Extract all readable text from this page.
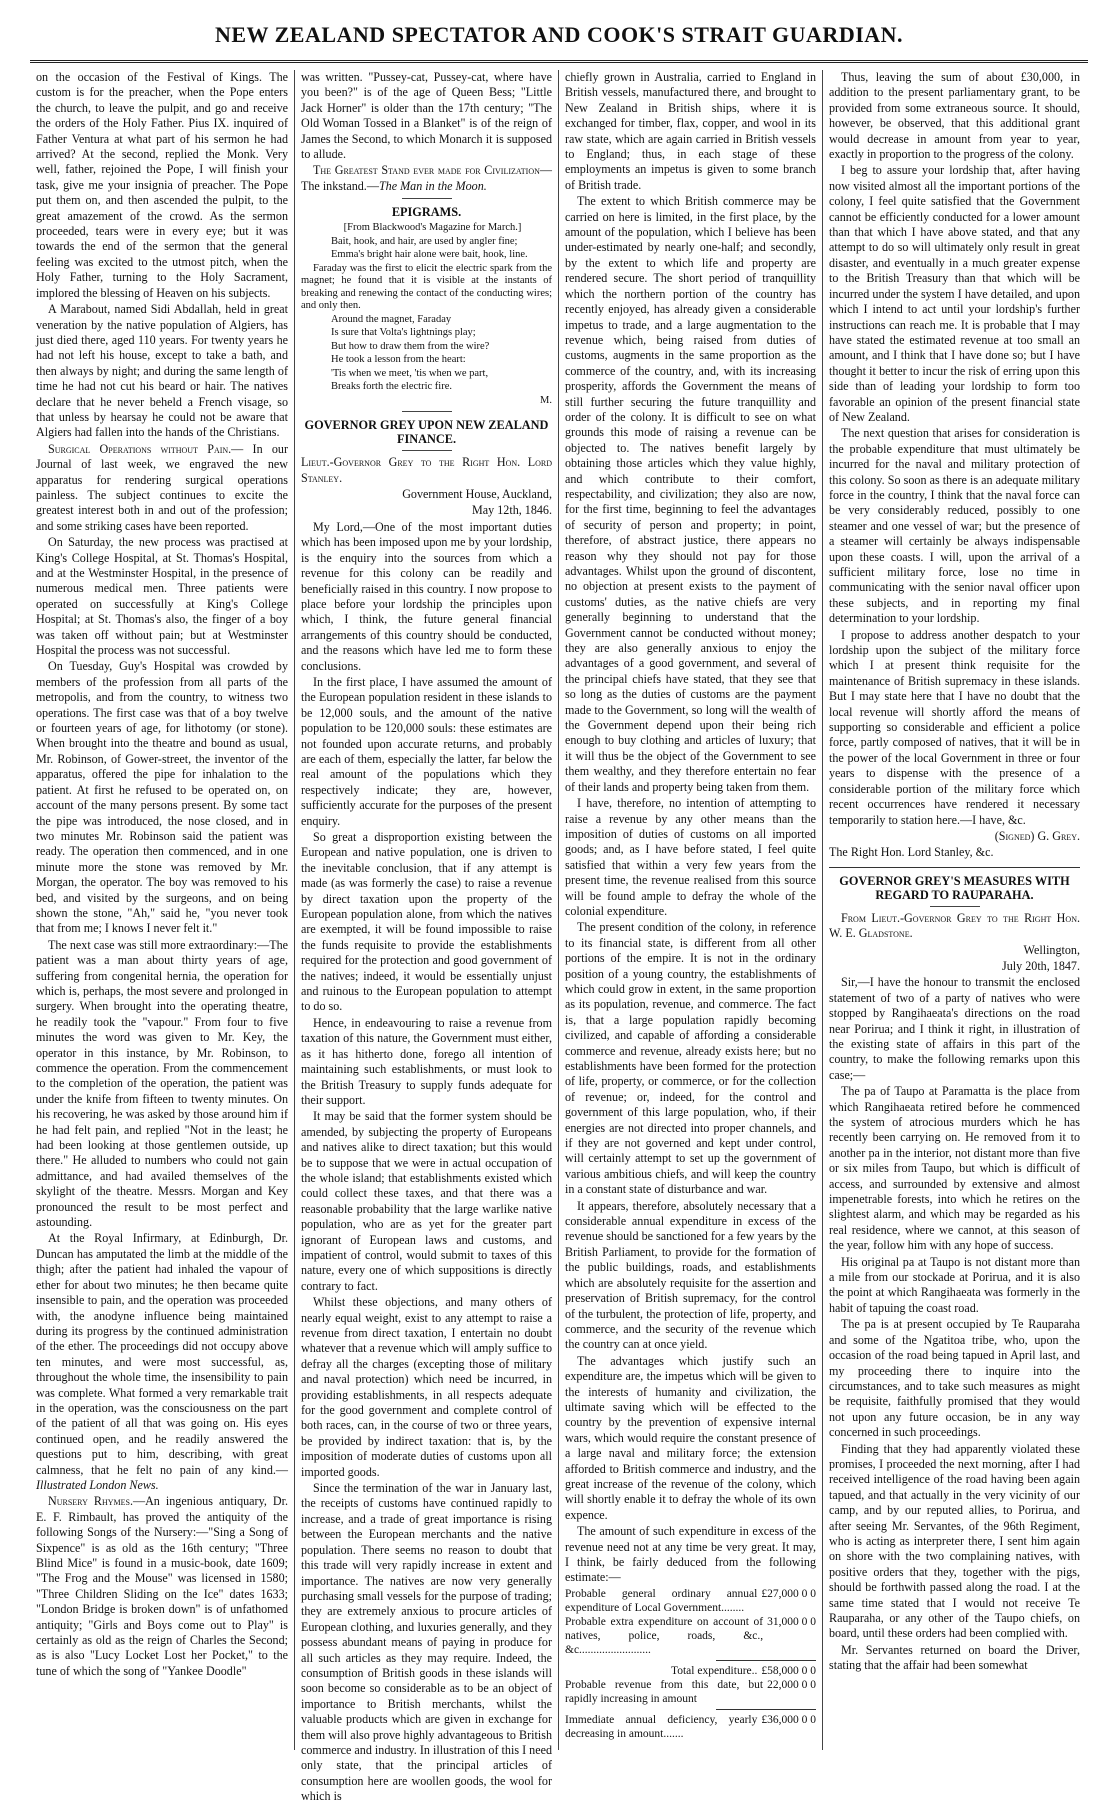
NEW ZEALAND SPECTATOR AND COOK'S STRAIT GUARDIAN.

on the occasion of the Festival of Kings. The custom is for the preacher, when the Pope enters the church, to leave the pulpit, and go and receive the orders of the Holy Father. Pius IX. inquired of Father Ventura at what part of his sermon he had arrived? At the second, replied the Monk. Very well, father, rejoined the Pope, I will finish your task, give me your insignia of preacher. The Pope put them on, and then ascended the pulpit, to the great amazement of the crowd. As the sermon proceeded, tears were in every eye; but it was towards the end of the sermon that the general feeling was excited to the utmost pitch, when the Holy Father, turning to the Holy Sacrament, implored the blessing of Heaven on his subjects.

A Marabout, named Sidi Abdallah, held in great veneration by the native population of Algiers, has just died there, aged 110 years. For twenty years he had not left his house, except to take a bath, and then always by night; and during the same length of time he had not cut his beard or hair. The natives declare that he never beheld a French visage, so that unless by hearsay he could not be aware that Algiers had fallen into the hands of the Christians.

Surgical Operations without Pain.— In our Journal of last week, we engraved the new apparatus for rendering surgical operations painless. The subject continues to excite the greatest interest both in and out of the profession; and some striking cases have been reported.

On Saturday, the new process was practised at King's College Hospital, at St. Thomas's Hospital, and at the Westminster Hospital, in the presence of numerous medical men. Three patients were operated on successfully at King's College Hospital; at St. Thomas's also, the finger of a boy was taken off without pain; but at Westminster Hospital the process was not successful.

On Tuesday, Guy's Hospital was crowded by members of the profession from all parts of the metropolis, and from the country, to witness two operations. The first case was that of a boy twelve or fourteen years of age, for lithotomy (or stone). When brought into the theatre and bound as usual, Mr. Robinson, of Gower-street, the inventor of the apparatus, offered the pipe for inhalation to the patient. At first he refused to be operated on, on account of the many persons present. By some tact the pipe was introduced, the nose closed, and in two minutes Mr. Robinson said the patient was ready. The operation then commenced, and in one minute more the stone was removed by Mr. Morgan, the operator. The boy was removed to his bed, and visited by the surgeons, and on being shown the stone, "Ah," said he, "you never took that from me; I knows I never felt it."

The next case was still more extraordinary:—The patient was a man about thirty years of age, suffering from congenital hernia, the operation for which is, perhaps, the most severe and prolonged in surgery. When brought into the operating theatre, he readily took the "vapour." From four to five minutes the word was given to Mr. Key, the operator in this instance, by Mr. Robinson, to commence the operation. From the commencement to the completion of the operation, the patient was under the knife from fifteen to twenty minutes. On his recovering, he was asked by those around him if he had felt pain, and replied "Not in the least; he had been looking at those gentlemen outside, up there." He alluded to numbers who could not gain admittance, and had availed themselves of the skylight of the theatre. Messrs. Morgan and Key pronounced the result to be most perfect and astounding.

At the Royal Infirmary, at Edinburgh, Dr. Duncan has amputated the limb at the middle of the thigh; after the patient had inhaled the vapour of ether for about two minutes; he then became quite insensible to pain, and the operation was proceeded with, the anodyne influence being maintained during its progress by the continued administration of the ether. The proceedings did not occupy above ten minutes, and were most successful, as, throughout the whole time, the insensibility to pain was complete. What formed a very remarkable trait in the operation, was the consciousness on the part of the patient of all that was going on. His eyes continued open, and he readily answered the questions put to him, describing, with great calmness, that he felt no pain of any kind.—Illustrated London News.

Nursery Rhymes.—An ingenious antiquary, Dr. E. F. Rimbault, has proved the antiquity of the following Songs of the Nursery:—"Sing a Song of Sixpence" is as old as the 16th century; "Three Blind Mice" is found in a music-book, date 1609; "The Frog and the Mouse" was licensed in 1580; "Three Children Sliding on the Ice" dates 1633; "London Bridge is broken down" is of unfathomed antiquity; "Girls and Boys come out to Play" is certainly as old as the reign of Charles the Second; as is also "Lucy Locket Lost her Pocket," to the tune of which the song of "Yankee Doodle"

was written. "Pussey-cat, Pussey-cat, where have you been?" is of the age of Queen Bess; "Little Jack Horner" is older than the 17th century; "The Old Woman Tossed in a Blanket" is of the reign of James the Second, to which Monarch it is supposed to allude.

The Greatest Stand ever made for Civilization—The inkstand.—The Man in the Moon.

EPIGRAMS.

[From Blackwood's Magazine for March.]

Bait, hook, and hair, are used by angler fine;

Emma's bright hair alone were bait, hook, line.

Faraday was the first to elicit the electric spark from the magnet; he found that it is visible at the instants of breaking and renewing the contact of the conducting wires; and only then.

Around the magnet, Faraday

Is sure that Volta's lightnings play;

But how to draw them from the wire?

He took a lesson from the heart:

'Tis when we meet, 'tis when we part,

Breaks forth the electric fire.

M.

GOVERNOR GREY UPON NEW ZEALAND FINANCE.

Lieut.-Governor Grey to the Right Hon. Lord Stanley.

Government House, Auckland,

May 12th, 1846.

My Lord,—One of the most important duties which has been imposed upon me by your lordship, is the enquiry into the sources from which a revenue for this colony can be readily and beneficially raised in this country. I now propose to place before your lordship the principles upon which, I think, the future general financial arrangements of this country should be conducted, and the reasons which have led me to form these conclusions.

In the first place, I have assumed the amount of the European population resident in these islands to be 12,000 souls, and the amount of the native population to be 120,000 souls: these estimates are not founded upon accurate returns, and probably are each of them, especially the latter, far below the real amount of the populations which they respectively indicate; they are, however, sufficiently accurate for the purposes of the present enquiry.

So great a disproportion existing between the European and native population, one is driven to the inevitable conclusion, that if any attempt is made (as was formerly the case) to raise a revenue by direct taxation upon the property of the European population alone, from which the natives are exempted, it will be found impossible to raise the funds requisite to provide the establishments required for the protection and good government of the natives; indeed, it would be essentially unjust and ruinous to the European population to attempt to do so.

Hence, in endeavouring to raise a revenue from taxation of this nature, the Government must either, as it has hitherto done, forego all intention of maintaining such establishments, or must look to the British Treasury to supply funds adequate for their support.

It may be said that the former system should be amended, by subjecting the property of Europeans and natives alike to direct taxation; but this would be to suppose that we were in actual occupation of the whole island; that establishments existed which could collect these taxes, and that there was a reasonable probability that the large warlike native population, who are as yet for the greater part ignorant of European laws and customs, and impatient of control, would submit to taxes of this nature, every one of which suppositions is directly contrary to fact.

Whilst these objections, and many others of nearly equal weight, exist to any attempt to raise a revenue from direct taxation, I entertain no doubt whatever that a revenue which will amply suffice to defray all the charges (excepting those of military and naval protection) which need be incurred, in providing establishments, in all respects adequate for the good government and complete control of both races, can, in the course of two or three years, be provided by indirect taxation: that is, by the imposition of moderate duties of customs upon all imported goods.

Since the termination of the war in January last, the receipts of customs have continued rapidly to increase, and a trade of great importance is rising between the European merchants and the native population. There seems no reason to doubt that this trade will very rapidly increase in extent and importance. The natives are now very generally purchasing small vessels for the purpose of trading; they are extremely anxious to procure articles of European clothing, and luxuries generally, and they possess abundant means of paying in produce for all such articles as they may require. Indeed, the consumption of British goods in these islands will soon become so considerable as to be an object of importance to British merchants, whilst the valuable products which are given in exchange for them will also prove highly advantageous to British commerce and industry. In illustration of this I need only state, that the principal articles of consumption here are woollen goods, the wool for which is

chiefly grown in Australia, carried to England in British vessels, manufactured there, and brought to New Zealand in British ships, where it is exchanged for timber, flax, copper, and wool in its raw state, which are again carried in British vessels to England; thus, in each stage of these employments an impetus is given to some branch of British trade.

The extent to which British commerce may be carried on here is limited, in the first place, by the amount of the population, which I believe has been under-estimated by nearly one-half; and secondly, by the extent to which life and property are rendered secure. The short period of tranquillity which the northern portion of the country has recently enjoyed, has already given a considerable impetus to trade, and a large augmentation to the revenue which, being raised from duties of customs, augments in the same proportion as the commerce of the country, and, with its increasing prosperity, affords the Government the means of still further securing the future tranquillity and order of the colony. It is difficult to see on what grounds this mode of raising a revenue can be objected to. The natives benefit largely by obtaining those articles which they value highly, and which contribute to their comfort, respectability, and civilization; they also are now, for the first time, beginning to feel the advantages of security of person and property; in point, therefore, of abstract justice, there appears no reason why they should not pay for those advantages. Whilst upon the ground of discontent, no objection at present exists to the payment of customs' duties, as the native chiefs are very generally beginning to understand that the Government cannot be conducted without money; they are also generally anxious to enjoy the advantages of a good government, and several of the principal chiefs have stated, that they see that so long as the duties of customs are the payment made to the Government, so long will the wealth of the Government depend upon their being rich enough to buy clothing and articles of luxury; that it will thus be the object of the Government to see them wealthy, and they therefore entertain no fear of their lands and property being taken from them.

I have, therefore, no intention of attempting to raise a revenue by any other means than the imposition of duties of customs on all imported goods; and, as I have before stated, I feel quite satisfied that within a very few years from the present time, the revenue realised from this source will be found ample to defray the whole of the colonial expenditure.

The present condition of the colony, in reference to its financial state, is different from all other portions of the empire. It is not in the ordinary position of a young country, the establishments of which could grow in extent, in the same proportion as its population, revenue, and commerce. The fact is, that a large population rapidly becoming civilized, and capable of affording a considerable commerce and revenue, already exists here; but no establishments have been formed for the protection of life, property, or commerce, or for the collection of revenue; or, indeed, for the control and government of this large population, who, if their energies are not directed into proper channels, and if they are not governed and kept under control, will certainly attempt to set up the government of various ambitious chiefs, and will keep the country in a constant state of disturbance and war.

It appears, therefore, absolutely necessary that a considerable annual expenditure in excess of the revenue should be sanctioned for a few years by the British Parliament, to provide for the formation of the public buildings, roads, and establishments which are absolutely requisite for the assertion and preservation of British supremacy, for the control of the turbulent, the protection of life, property, and commerce, and the security of the revenue which the country can at once yield.

The advantages which justify such an expenditure are, the impetus which will be given to the interests of humanity and civilization, the ultimate saving which will be effected to the country by the prevention of expensive internal wars, which would require the constant presence of a large naval and military force; the extension afforded to British commerce and industry, and the great increase of the revenue of the colony, which will shortly enable it to defray the whole of its own expence.

The amount of such expenditure in excess of the revenue need not at any time be very great. It may, I think, be fairly deduced from the following estimate:—

Probable general ordinary annual expenditure of Local Government........
£27,000 0 0
Probable extra expenditure on account of natives, police, roads, &c., &c.........................
31,000 0 0
Total expenditure.. £58,000 0 0
Probable revenue from this date, but rapidly increasing in amount
22,000 0 0
Immediate annual deficiency, yearly decreasing in amount.......
£36,000 0 0

Thus, leaving the sum of about £30,000, in addition to the present parliamentary grant, to be provided from some extraneous source. It should, however, be observed, that this additional grant would decrease in amount from year to year, exactly in proportion to the progress of the colony.

I beg to assure your lordship that, after having now visited almost all the important portions of the colony, I feel quite satisfied that the Government cannot be efficiently conducted for a lower amount than that which I have above stated, and that any attempt to do so will ultimately only result in great disaster, and eventually in a much greater expense to the British Treasury than that which will be incurred under the system I have detailed, and upon which I intend to act until your lordship's further instructions can reach me. It is probable that I may have stated the estimated revenue at too small an amount, and I think that I have done so; but I have thought it better to incur the risk of erring upon this side than of leading your lordship to form too favorable an opinion of the present financial state of New Zealand.

The next question that arises for consideration is the probable expenditure that must ultimately be incurred for the naval and military protection of this colony. So soon as there is an adequate military force in the country, I think that the naval force can be very considerably reduced, possibly to one steamer and one vessel of war; but the presence of a steamer will certainly be always indispensable upon these coasts. I will, upon the arrival of a sufficient military force, lose no time in communicating with the senior naval officer upon these subjects, and in reporting my final determination to your lordship.

I propose to address another despatch to your lordship upon the subject of the military force which I at present think requisite for the maintenance of British supremacy in these islands. But I may state here that I have no doubt that the local revenue will shortly afford the means of supporting so considerable and efficient a police force, partly composed of natives, that it will be in the power of the local Government in three or four years to dispense with the presence of a considerable portion of the military force which recent occurrences have rendered it necessary temporarily to station here.—I have, &c.

(Signed) G. Grey.

The Right Hon. Lord Stanley, &c.

GOVERNOR GREY'S MEASURES WITH REGARD TO RAUPARAHA.

From Lieut.-Governor Grey to the Right Hon. W. E. Gladstone.

Wellington,

July 20th, 1847.

Sir,—I have the honour to transmit the enclosed statement of two of a party of natives who were stopped by Rangihaeata's directions on the road near Porirua; and I think it right, in illustration of the existing state of affairs in this part of the country, to make the following remarks upon this case;—

The pa of Taupo at Paramatta is the place from which Rangihaeata retired before he commenced the system of atrocious murders which he has recently been carrying on. He removed from it to another pa in the interior, not distant more than five or six miles from Taupo, but which is difficult of access, and surrounded by extensive and almost impenetrable forests, into which he retires on the slightest alarm, and which may be regarded as his real residence, where we cannot, at this season of the year, follow him with any hope of success.

His original pa at Taupo is not distant more than a mile from our stockade at Porirua, and it is also the point at which Rangihaeata was formerly in the habit of tapuing the coast road.

The pa is at present occupied by Te Rauparaha and some of the Ngatitoa tribe, who, upon the occasion of the road being tapued in April last, and my proceeding there to inquire into the circumstances, and to take such measures as might be requisite, faithfully promised that they would not upon any future occasion, be in any way concerned in such proceedings.

Finding that they had apparently violated these promises, I proceeded the next morning, after I had received intelligence of the road having been again tapued, and that actually in the very vicinity of our camp, and by our reputed allies, to Porirua, and after seeing Mr. Servantes, of the 96th Regiment, who is acting as interpreter there, I sent him again on shore with the two complaining natives, with positive orders that they, together with the pigs, should be forthwith passed along the road. I at the same time stated that I would not receive Te Rauparaha, or any other of the Taupo chiefs, on board, until these orders had been complied with.

Mr. Servantes returned on board the Driver, stating that the affair had been somewhat
